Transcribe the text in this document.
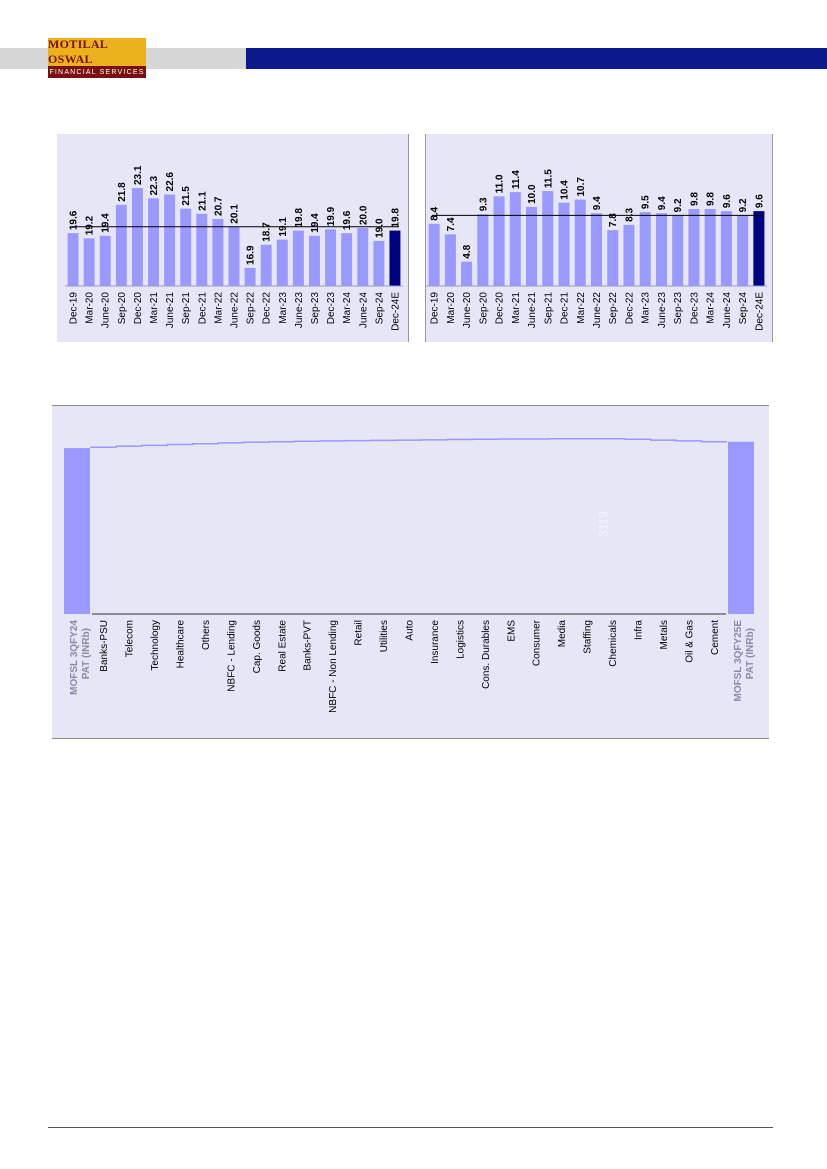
MOTILAL OSWAL
FINANCIAL SERVICES
19.6
Dec-19
19.2
Mar-20
19.4
June-20
21.8
Sep-20
23.1
Dec-20
22.3
Mar-21
22.6
June-21
21.5
Sep-21
21.1
Dec-21
20.7
Mar-22
20.1
June-22
16.9
Sep-22
18.7
Dec-22
19.1
Mar-23
19.8
June-23
19.4
Sep-23
19.9
Dec-23
19.6
Mar-24
20.0
June-24
19.0
Sep-24
19.8
Dec-24E
8.4
Dec-19
7.4
Mar-20
4.8
June-20
9.3
Sep-20
11.0
Dec-20
11.4
Mar-21
10.0
June-21
11.5
Sep-21
10.4
Dec-21
10.7
Mar-22
9.4
June-22
7.8
Sep-22
8.3
Dec-22
9.5
Mar-23
9.4
June-23
9.2
Sep-23
9.8
Dec-23
9.8
Mar-24
9.6
June-24
9.2
Sep-24
9.6
Dec-24E
3119
Banks-PSU Telecom Technology Healthcare Others NBFC - Lending Cap. Goods Real Estate Banks-PVT NBFC - Non Lending Retail Utilities Auto Insurance Logistics Cons. Durables EMS Consumer Media Staffing Chemicals Infra Metals Oil & Gas Cement
MOFSL 3QFY24PAT (INRb)	MOFSL 3QFY25EPAT (INRb)
